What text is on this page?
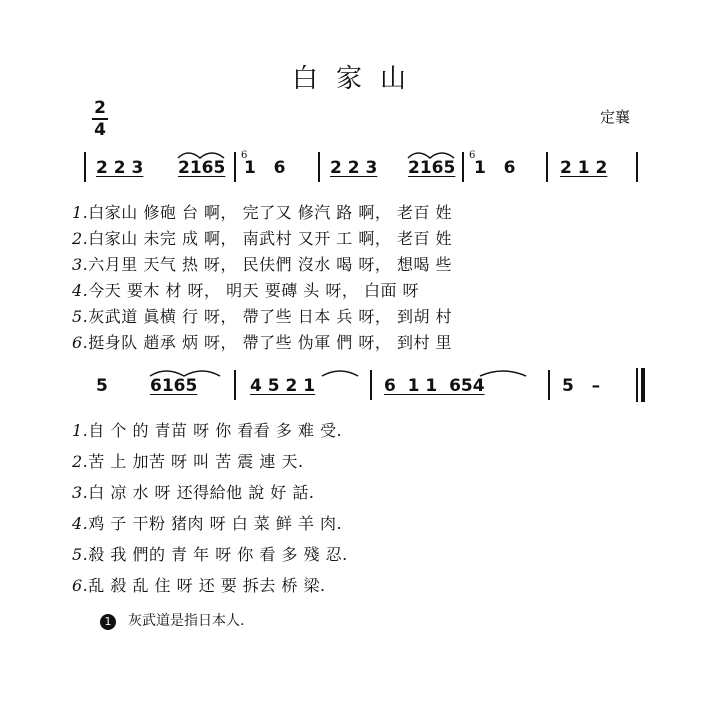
白家山
2
4
定襄
2 2 3 2165
6
1   6	2 2 3 2165
6
1   6	2 1 2
1.白家山 修砲 台 啊， 完了又 修汽 路 啊， 老百 姓
2.白家山 未完 成 啊， 南武村 又开 工 啊， 老百 姓
3.六月里 天气 热 呀， 民伕們 沒水 喝 呀， 想喝 些
4.今天 要木 材 呀， 明天 要磚 头 呀， 白面 呀
5.灰武道 眞横 行 呀， 帶了些 日本 兵 呀， 到胡 村
6.挺身队 趙承 炳 呀， 帶了些 伪軍 們 呀， 到村 里
5 6165	4 5 2 1	6  1 1  654	5   –
1.自 个 的 青苗 呀 你 看看 多 难 受.
2.苦 上 加苦 呀 叫 苦 震 連 天.
3.白 凉 水 呀 还得給他 說 好 話.
4.鸡 子 干粉 猪肉 呀 白 菜 鲜 羊 肉.
5.殺 我 們的 青 年 呀 你 看 多 殘 忍.
6.乱 殺 乱 住 呀 还 要 拆去 桥 梁.
1 灰武道是指日本人.
